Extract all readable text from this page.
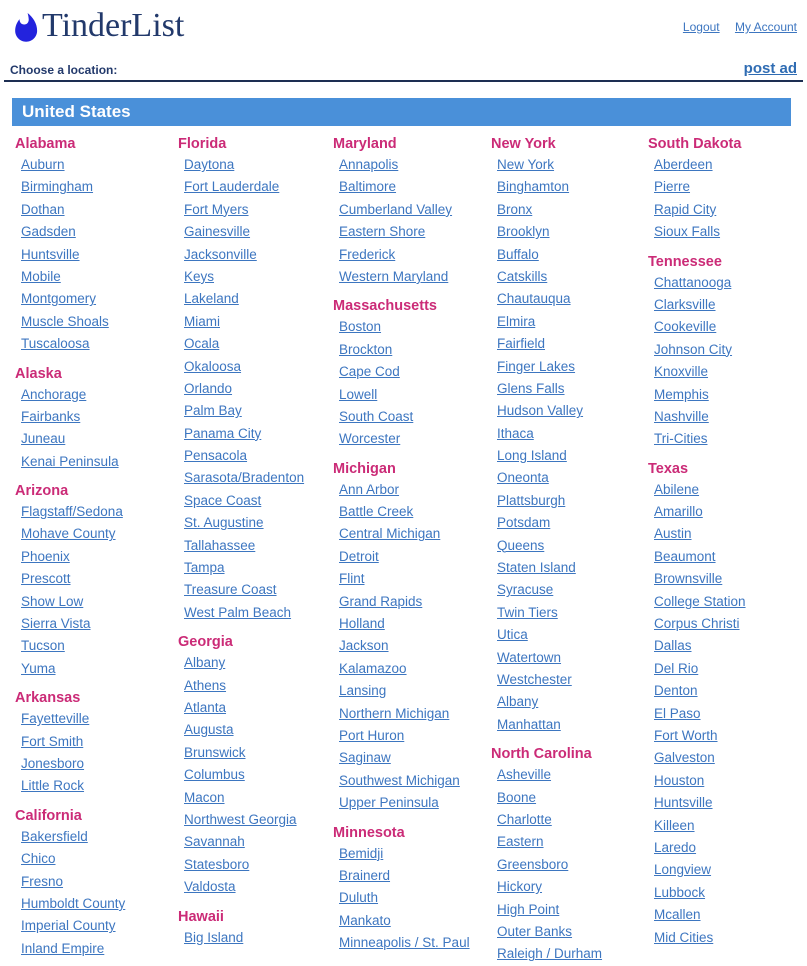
TinderList	Logout My Account
Choose a location:	post ad
United States
Alabama
Auburn
Birmingham
Dothan
Gadsden
Huntsville
Mobile
Montgomery
Muscle Shoals
Tuscaloosa
Alaska
Anchorage
Fairbanks
Juneau
Kenai Peninsula
Arizona
Flagstaff/Sedona
Mohave County
Phoenix
Prescott
Show Low
Sierra Vista
Tucson
Yuma
Arkansas
Fayetteville
Fort Smith
Jonesboro
Little Rock
California
Bakersfield
Chico
Fresno
Humboldt County
Imperial County
Inland Empire
Florida
Daytona
Fort Lauderdale
Fort Myers
Gainesville
Jacksonville
Keys
Lakeland
Miami
Ocala
Okaloosa
Orlando
Palm Bay
Panama City
Pensacola
Sarasota/Bradenton
Space Coast
St. Augustine
Tallahassee
Tampa
Treasure Coast
West Palm Beach
Georgia
Albany
Athens
Atlanta
Augusta
Brunswick
Columbus
Macon
Northwest Georgia
Savannah
Statesboro
Valdosta
Hawaii
Big Island
Maryland
Annapolis
Baltimore
Cumberland Valley
Eastern Shore
Frederick
Western Maryland
Massachusetts
Boston
Brockton
Cape Cod
Lowell
South Coast
Worcester
Michigan
Ann Arbor
Battle Creek
Central Michigan
Detroit
Flint
Grand Rapids
Holland
Jackson
Kalamazoo
Lansing
Northern Michigan
Port Huron
Saginaw
Southwest Michigan
Upper Peninsula
Minnesota
Bemidji
Brainerd
Duluth
Mankato
Minneapolis / St. Paul
New York
New York
Binghamton
Bronx
Brooklyn
Buffalo
Catskills
Chautauqua
Elmira
Fairfield
Finger Lakes
Glens Falls
Hudson Valley
Ithaca
Long Island
Oneonta
Plattsburgh
Potsdam
Queens
Staten Island
Syracuse
Twin Tiers
Utica
Watertown
Westchester
Albany
Manhattan
North Carolina
Asheville
Boone
Charlotte
Eastern
Greensboro
Hickory
High Point
Outer Banks
Raleigh / Durham
South Dakota
Aberdeen
Pierre
Rapid City
Sioux Falls
Tennessee
Chattanooga
Clarksville
Cookeville
Johnson City
Knoxville
Memphis
Nashville
Tri-Cities
Texas
Abilene
Amarillo
Austin
Beaumont
Brownsville
College Station
Corpus Christi
Dallas
Del Rio
Denton
El Paso
Fort Worth
Galveston
Houston
Huntsville
Killeen
Laredo
Longview
Lubbock
Mcallen
Mid Cities
